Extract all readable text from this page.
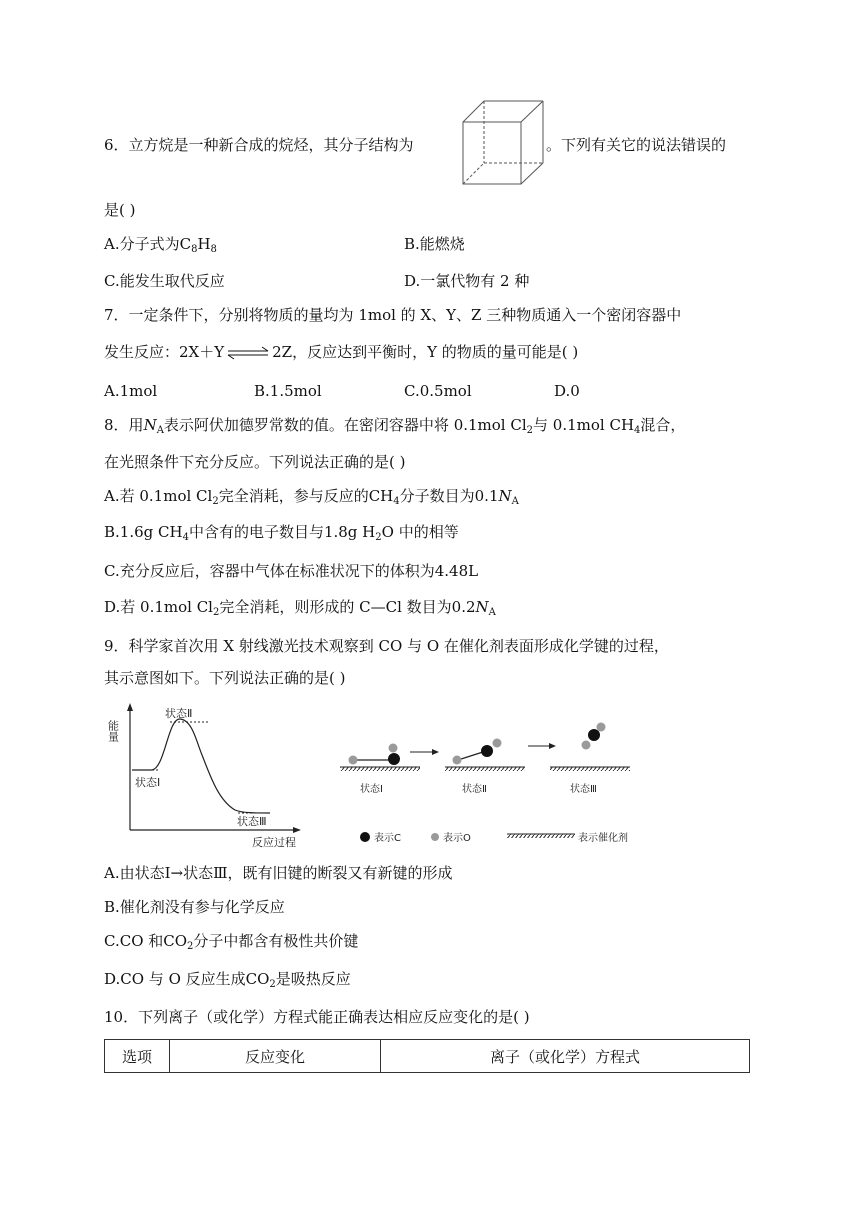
6．立方烷是一种新合成的烷烃，其分子结构为	。下列有关它的说法错误的
是( )
A.分子式为$C_8H_8$	B.能燃烧
C.能发生取代反应	D.一氯代物有 2 种
7．一定条件下，分别将物质的量均为 1mol 的 X、Y、Z 三种物质通入一个密闭容器中
发生反应：2X＋Y ⇌ 2Z，反应达到平衡时，Y 的物质的量可能是( )
A.1mol	B.1.5mol	C.0.5mol	D.0
8．用$N_A$表示阿伏加德罗常数的值。在密闭容器中将 0.1mol $Cl_2$与 0.1mol $CH_4$混合，
在光照条件下充分反应。下列说法正确的是( )
A.若 0.1mol $Cl_2$完全消耗，参与反应的$CH_4$分子数目为$0.1N_A$
B.1.6g $CH_4$中含有的电子数目与1.8g $H_2O$ 中的相等
C.充分反应后，容器中气体在标准状况下的体积为4.48L
D.若 0.1mol $Cl_2$完全消耗，则形成的 C—Cl 数目为$0.2N_A$
9．科学家首次用 X 射线激光技术观察到 CO 与 O 在催化剂表面形成化学键的过程，
其示意图如下。下列说法正确的是( )
能量
反应过程
状态Ⅰ
状态Ⅱ
状态Ⅲ
状态Ⅰ	状态Ⅱ	状态Ⅲ
表示C	表示O	表示催化剂
A.由状态Ⅰ→状态Ⅲ，既有旧键的断裂又有新键的形成
B.催化剂没有参与化学反应
C.CO 和$CO_2$分子中都含有极性共价键
D.CO 与 O 反应生成$CO_2$是吸热反应
10．下列离子（或化学）方程式能正确表达相应反应变化的是( )
选项	反应变化	离子（或化学）方程式
